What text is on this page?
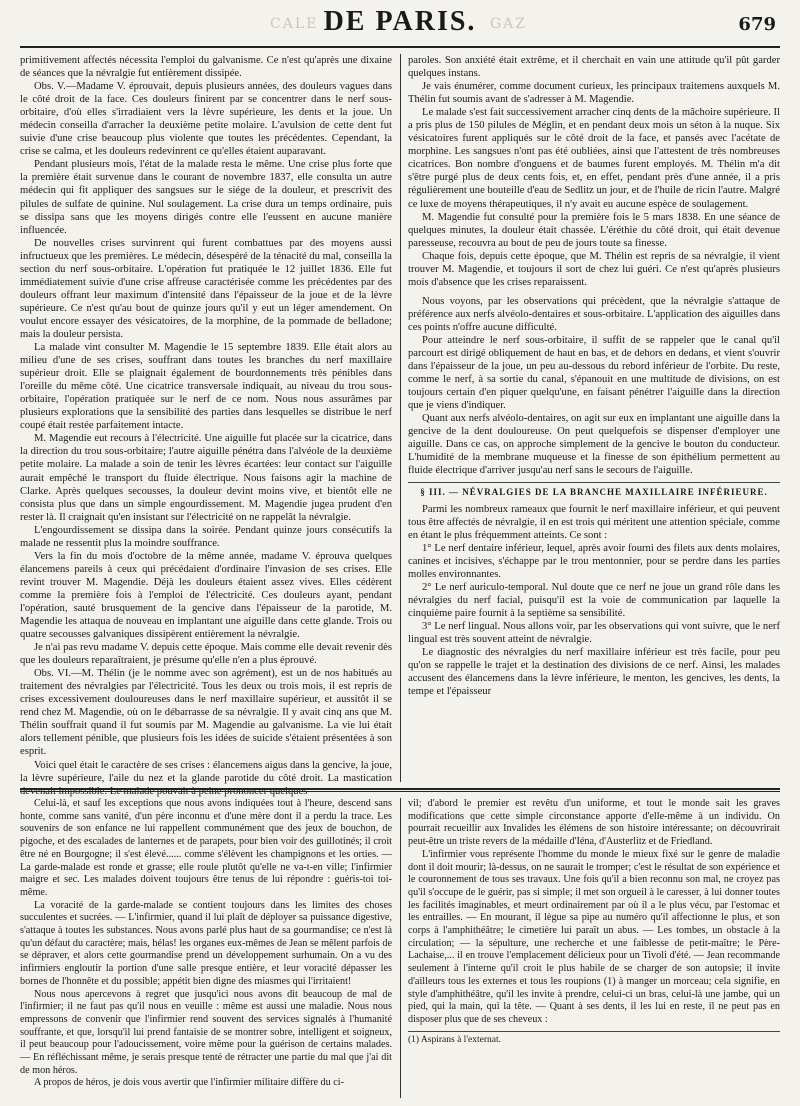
CALE	GAZ
DE PARIS.	679

primitivement affectés nécessita l'emploi du galvanisme. Ce n'est qu'après une dixaine de séances que la névralgie fut entièrement dissipée.

Obs. V.—Madame V. éprouvait, depuis plusieurs années, des douleurs vagues dans le côté droit de la face. Ces douleurs finirent par se concentrer dans le nerf sous-orbitaire, d'où elles s'irradiaient vers la lèvre supérieure, les dents et la joue. Un médecin conseilla d'arracher la deuxième petite molaire. L'avulsion de cette dent fut suivie d'une crise beaucoup plus violente que toutes les précédentes. Cependant, la crise se calma, et les douleurs redevinrent ce qu'elles étaient auparavant.

Pendant plusieurs mois, l'état de la malade resta le même. Une crise plus forte que la première était survenue dans le courant de novembre 1837, elle consulta un autre médecin qui fit appliquer des sangsues sur le siége de la douleur, et prescrivit des pilules de sulfate de quinine. Nul soulagement. La crise dura un temps ordinaire, puis se dissipa sans que les moyens dirigés contre elle l'eussent en aucune manière influencée.

De nouvelles crises survinrent qui furent combattues par des moyens aussi infructueux que les premières. Le médecin, désespéré de la ténacité du mal, conseilla la section du nerf sous-orbitaire. L'opération fut pratiquée le 12 juillet 1836. Elle fut immédiatement suivie d'une crise affreuse caractérisée comme les précédentes par des douleurs offrant leur maximum d'intensité dans l'épaisseur de la joue et de la lèvre supérieure. Ce n'est qu'au bout de quinze jours qu'il y eut un léger amendement. On voulut encore essayer des vésicatoires, de la morphine, de la pommade de belladone; mais la douleur persista.

La malade vint consulter M. Magendie le 15 septembre 1839. Elle était alors au milieu d'une de ses crises, souffrant dans toutes les branches du nerf maxillaire supérieur droit. Elle se plaignait également de bourdonnements très pénibles dans l'oreille du même côté. Une cicatrice transversale indiquait, au niveau du trou sous-orbitaire, l'opération pratiquée sur le nerf de ce nom. Nous nous assurâmes par plusieurs explorations que la sensibilité des parties dans lesquelles se distribue le nerf coupé était restée parfaitement intacte.

M. Magendie eut recours à l'électricité. Une aiguille fut placée sur la cicatrice, dans la direction du trou sous-orbitaire; l'autre aiguille pénétra dans l'alvéole de la deuxième petite molaire. La malade a soin de tenir les lèvres écartées: leur contact sur l'aiguille aurait empêché le transport du fluide électrique. Nous faisons agir la machine de Clarke. Après quelques secousses, la douleur devint moins vive, et bientôt elle ne consista plus que dans un simple engourdissement. M. Magendie jugea prudent d'en rester là. Il craignait qu'en insistant sur l'électricité on ne rappelât la névralgie.

L'engourdissement se dissipa dans la soirée. Pendant quinze jours consécutifs la malade ne ressentit plus la moindre souffrance.

Vers la fin du mois d'octobre de la même année, madame V. éprouva quelques élancemens pareils à ceux qui précédaient d'ordinaire l'invasion de ses crises. Elle revint trouver M. Magendie. Déjà les douleurs étaient assez vives. Elles cédèrent comme la première fois à l'emploi de l'électricité. Ces douleurs ayant, pendant l'opération, sauté brusquement de la gencive dans l'épaisseur de la parotide, M. Magendie les attaqua de nouveau en implantant une aiguille dans cette glande. Trois ou quatre secousses galvaniques dissipèrent entièrement la névralgie.

Je n'ai pas revu madame V. depuis cette époque. Mais comme elle devait revenir dès que les douleurs reparaîtraient, je présume qu'elle n'en a plus éprouvé.

Obs. VI.—M. Thélin (je le nomme avec son agrément), est un de nos habitués au traitement des névralgies par l'électricité. Tous les deux ou trois mois, il est repris de crises excessivement douloureuses dans le nerf maxillaire supérieur, et aussitôt il se rend chez M. Magendie, où on le débarrasse de sa névralgie. Il y avait cinq ans que M. Thélin souffrait quand il fut soumis par M. Magendie au galvanisme. La vie lui était alors tellement pénible, que plusieurs fois les idées de suicide s'étaient présentées à son esprit.

Voici quel était le caractère de ses crises : élancemens aigus dans la gencive, la joue, la lèvre supérieure, l'aile du nez et la glande parotide du côté droit. La mastication

paroles. Son anxiété était extrême, et il cherchait en vain une attitude qu'il pût garder quelques instans.

Je vais énumérer, comme document curieux, les principaux traitemens auxquels M. Thélin fut soumis avant de s'adresser à M. Magendie.

Le malade s'est fait successivement arracher cinq dents de la mâchoire supérieure. Il a pris plus de 150 pilules de Méglin, et en pendant deux mois un séton à la nuque. Six vésicatoires furent appliqués sur le côté droit de la face, et pansés avec l'acétate de morphine. Les sangsues n'ont pas été oubliées, ainsi que l'attestent de très nombreuses cicatrices. Bon nombre d'onguens et de baumes furent employés. M. Thélin m'a dit s'être purgé plus de deux cents fois, et, en effet, pendant près d'une année, il a pris régulièrement une bouteille d'eau de Sedlitz un jour, et de l'huile de ricin l'autre. Malgré ce luxe de moyens thérapeutiques, il n'y avait eu aucune espèce de soulagement.

M. Magendie fut consulté pour la première fois le 5 mars 1838. En une séance de quelques minutes, la douleur était chassée. L'éréthie du côté droit, qui était devenue paresseuse, recouvra au bout de peu de jours toute sa finesse.

Chaque fois, depuis cette époque, que M. Thélin est repris de sa névralgie, il vient trouver M. Magendie, et toujours il sort de chez lui guéri. Ce n'est qu'après plusieurs mois d'absence que les crises reparaissent.

Nous voyons, par les observations qui précèdent, que la névralgie s'attaque de préférence aux nerfs alvéolo-dentaires et sous-orbitaire. L'application des aiguilles dans ces points n'offre aucune difficulté.

Pour atteindre le nerf sous-orbitaire, il suffit de se rappeler que le canal qu'il parcourt est dirigé obliquement de haut en bas, et de dehors en dedans, et vient s'ouvrir dans l'épaisseur de la joue, un peu au-dessous du rebord inférieur de l'orbite. Du reste, comme le nerf, à sa sortie du canal, s'épanouit en une multitude de divisions, on est toujours certain d'en piquer quelqu'une, en faisant pénétrer l'aiguille dans la direction que je viens d'indiquer.

Quant aux nerfs alvéolo-dentaires, on agit sur eux en implantant une aiguille dans la gencive de la dent douloureuse. On peut quelquefois se dispenser d'employer une aiguille. Dans ce cas, on approche simplement de la gencive le bouton du conducteur. L'humidité de la membrane muqueuse et la finesse de son épithélium permettent au fluide électrique d'arriver jusqu'au nerf sans le secours de l'aiguille.

§ III. — NÉVRALGIES DE LA BRANCHE MAXILLAIRE INFÉRIEURE.

Parmi les nombreux rameaux que fournit le nerf maxillaire inférieur, et qui peuvent tous être affectés de névralgie, il en est trois qui méritent une attention spéciale, comme en étant le plus fréquemment atteints. Ce sont :

1° Le nerf dentaire inférieur, lequel, après avoir fourni des filets aux dents molaires, canines et incisives, s'échappe par le trou mentonnier, pour se perdre dans les parties molles environnantes.

2° Le nerf auriculo-temporal. Nul doute que ce nerf ne joue un grand rôle dans les névralgies du nerf facial, puisqu'il est la voie de communication par laquelle la cinquième paire fournit à la septième sa sensibilité.

3° Le nerf lingual. Nous allons voir, par les observations qui vont suivre, que le nerf lingual est très souvent atteint de névralgie.

Le diagnostic des névralgies du nerf maxillaire inférieur est très facile, pour peu qu'on se rappelle le trajet et la destination des divisions de ce nerf. Ainsi, les malades accusent des élancemens dans la lèvre inférieure, le menton, les gencives, les dents, la tempe et l'épaisseur

Celui-là, et sauf les exceptions que nous avons indiquées tout à l'heure, descend sans honte, comme sans vanité, d'un père inconnu et d'une mère dont il a perdu la trace. Les souvenirs de son enfance ne lui rappellent communément que des jeux de bouchon, de pigoche, et des escalades de lanternes et de parapets, pour bien voir des guillotinés; il croit être né en Bourgogne; il s'est élevé...... comme s'élèvent les champignons et les orties. — La garde-malade est ronde et grasse; elle roule plutôt qu'elle ne va-t-en ville; l'infirmier maigre et sec. Les malades doivent toujours être tenus de lui répondre : guéris-toi toi-même.

La voracité de la garde-malade se contient toujours dans les limites des choses succulentes et sucrées. — L'infirmier, quand il lui plaît de déployer sa puissance digestive, s'attaque à toutes les substances. Nous avons parlé plus haut de sa gourmandise; ce n'est là qu'un défaut du caractère; mais, hélas! les organes eux-mêmes de Jean se mêlent parfois de se dépraver, et alors cette gourmandise prend un développement surhumain. On a vu des infirmiers engloutir la portion d'une salle presque entière, et leur voracité dépasser les bornes de l'honnête et du possible; appétit bien digne des miasmes qui l'irritaient!

Nous nous apercevons à regret que jusqu'ici nous avons dit beaucoup de mal de l'infirmier; il ne faut pas qu'il nous en veuille : même est aussi une maladie. Nous nous empressons de convenir que l'infirmier rend souvent des services signalés à l'humanité souffrante, et que, lorsqu'il lui prend fantaisie de se montrer sobre, intelligent et soigneux, il peut beaucoup pour l'adoucissement, voire même pour la guérison de certains malades. — En réfléchissant même, je serais presque tenté de rétracter une partie du mal que j'ai dit de mon héros.

A propos de héros, je dois vous avertir que l'infirmier militaire diffère du ci-

vil; d'abord le premier est revêtu d'un uniforme, et tout le monde sait les graves modifications que cette simple circonstance apporte d'elle-même à un individu. On pourrait recueillir aux Invalides les élémens de son histoire intéressante; on découvrirait peut-être un triste revers de la médaille d'Iéna, d'Austerlitz et de Friedland.

L'infirmier vous représente l'homme du monde le mieux fixé sur le genre de maladie dont il doit mourir; là-dessus, on ne saurait le tromper; c'est le résultat de son expérience et le couronnement de tous ses travaux. Une fois qu'il a bien reconnu son mal, ne croyez pas qu'il s'occupe de le guérir, pas si simple; il met son orgueil à le caresser, à lui donner toutes les facilités imaginables, et meurt ordinairement par où il a le plus vécu, par l'estomac et les entrailles. — En mourant, il lègue sa pipe au numéro qu'il affectionne le plus, et son corps à l'amphithéâtre; le cimetière lui paraît un abus. — Les tombes, un obstacle à la circulation; — la sépulture, une recherche et une faiblesse de petit-maître; le Père-Lachaise,... il en trouve l'emplacement délicieux pour un Tivoli d'été. — Jean recommande seulement à l'interne qu'il croit le plus habile de se charger de son autopsie; il invite d'ailleurs tous les externes et tous les roupions (1) à manger un morceau; cela signifie, en style d'amphithéâtre, qu'il les invite à prendre, celui-ci un bras, celui-là une jambe, qui un pied, qui la main, qui la tête. — Quant à ses dents, il les lui en reste, il ne peut pas en disposer plus que de ses cheveux :

(1) Aspirans à l'externat.
